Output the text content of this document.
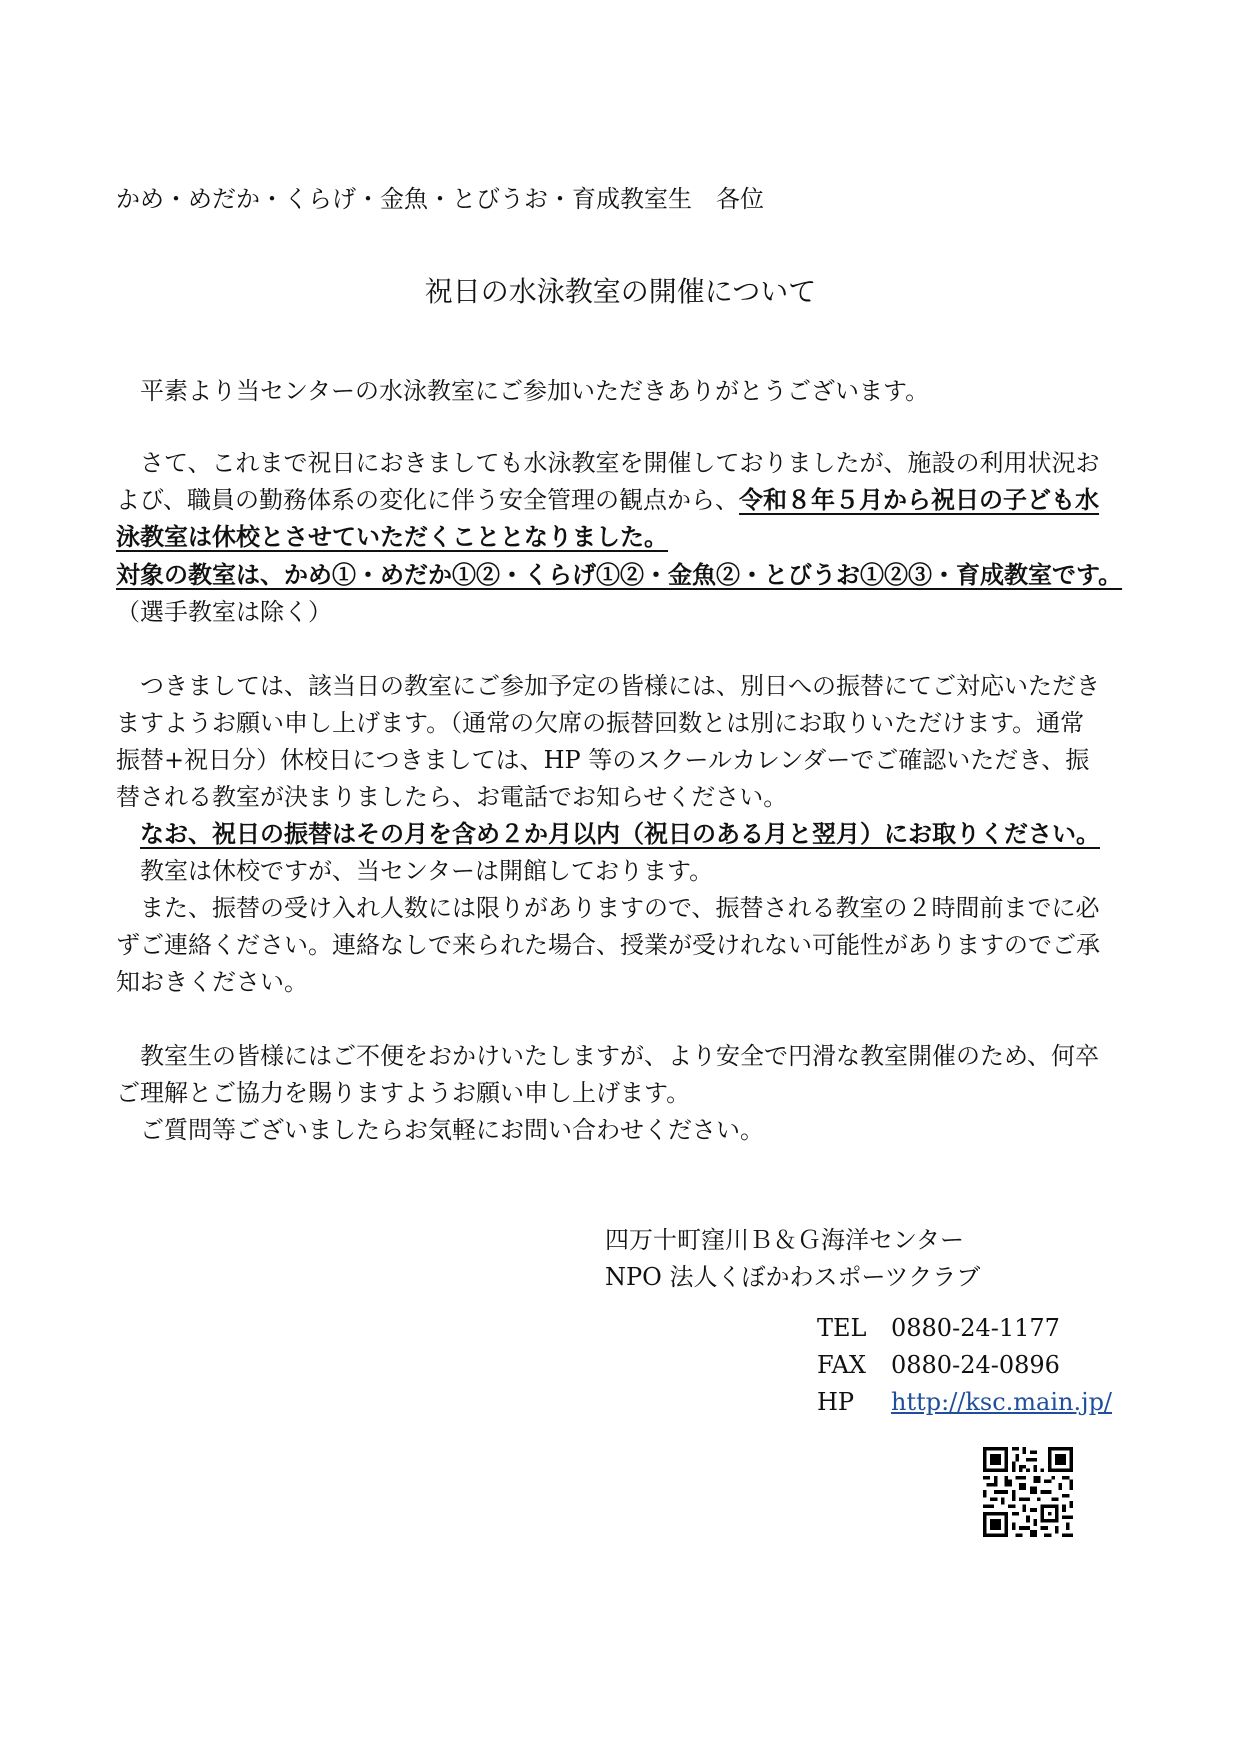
かめ・めだか・くらげ・金魚・とびうお・育成教室生　各位
祝日の水泳教室の開催について
平素より当センターの水泳教室にご参加いただきありがとうございます。
さて、これまで祝日におきましても水泳教室を開催しておりましたが、施設の利用状況お
よび、職員の勤務体系の変化に伴う安全管理の観点から、令和８年５月から祝日の子ども水
泳教室は休校とさせていただくこととなりました。
対象の教室は、かめ①・めだか①②・くらげ①②・金魚②・とびうお①②③・育成教室です。
（選手教室は除く）
つきましては、該当日の教室にご参加予定の皆様には、別日への振替にてご対応いただき
ますようお願い申し上げます。（通常の欠席の振替回数とは別にお取りいただけます。通常
振替+祝日分）休校日につきましては、HP 等のスクールカレンダーでご確認いただき、振
替される教室が決まりましたら、お電話でお知らせください。
なお、祝日の振替はその月を含め２か月以内（祝日のある月と翌月）にお取りください。
教室は休校ですが、当センターは開館しております。
また、振替の受け入れ人数には限りがありますので、振替される教室の２時間前までに必
ずご連絡ください。連絡なしで来られた場合、授業が受けれない可能性がありますのでご承
知おきください。
教室生の皆様にはご不便をおかけいたしますが、より安全で円滑な教室開催のため、何卒
ご理解とご協力を賜りますようお願い申し上げます。
ご質問等ございましたらお気軽にお問い合わせください。
四万十町窪川Ｂ＆Ｇ海洋センター
NPO 法人くぼかわスポーツクラブ
TEL 0880-24-1177
FAX 0880-24-0896
HP http://ksc.main.jp/
